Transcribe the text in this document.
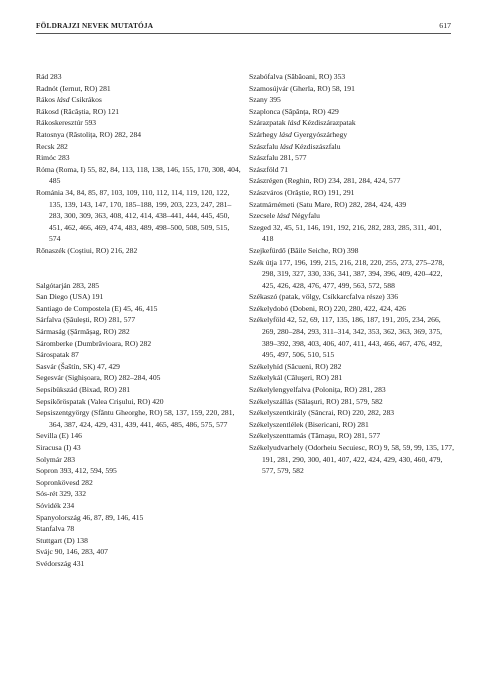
FÖLDRAJZI NEVEK MUTATÓJA	617
Rád 283
Radnót (Iernut, RO) 281
Rákos lásd Csikrákos
Rákosd (Răcăștia, RO) 121
Rákoskeresztúr 593
Ratosnya (Răstolița, RO) 282, 284
Recsk 282
Rimóc 283
Róma (Roma, I) 55, 82, 84, 113, 118, 138, 146, 155, 170, 308, 404, 485
Románia 34, 84, 85, 87, 103, 109, 110, 112, 114, 119, 120, 122, 135, 139, 143, 147, 170, 185–188, 199, 203, 223, 247, 281–283, 300, 309, 363, 408, 412, 414, 438–441, 444, 445, 450, 451, 462, 466, 469, 474, 483, 489, 498–500, 508, 509, 515, 574
Rőnaszék (Coștiui, RO) 216, 282
Salgótarján 283, 285
San Diego (USA) 191
Santiago de Compostela (E) 45, 46, 415
Sárfalva (Șăulești, RO) 281, 577
Sármaság (Șărmășag, RO) 282
Sáromberke (Dumbrăvioara, RO) 282
Sárospatak 87
Sasvár (Šaštín, SK) 47, 429
Segesvár (Sighișoara, RO) 282–284, 405
Sepsibükszád (Bixad, RO) 281
Sepsikőröspatak (Valea Crișului, RO) 420
Sepsiszentgyörgy (Sfântu Gheorghe, RO) 58, 137, 159, 220, 281, 364, 387, 424, 429, 431, 439, 441, 465, 485, 486, 575, 577
Sevilla (E) 146
Siracusa (I) 43
Solymár 283
Sopron 393, 412, 594, 595
Sopronkövesd 282
Sós-rét 329, 332
Sóvidék 234
Spanyolország 46, 87, 89, 146, 415
Stanfalva 78
Stuttgart (D) 138
Svájc 90, 146, 283, 407
Svédország 431
Szabófalva (Săbăoani, RO) 353
Szamosújvár (Gherla, RO) 58, 191
Szany 395
Szaplonca (Săpânța, RO) 429
Szárazpatak lásd Kézdiszárazpatak
Szárhegy lásd Gyergyószárhegy
Szászfalu lásd Kézdiszászfalu
Szászfalu 281, 577
Szászföld 71
Szászrégen (Reghin, RO) 234, 281, 284, 424, 577
Szászváros (Orăștie, RO) 191, 291
Szatmárnémeti (Satu Mare, RO) 282, 284, 424, 439
Szecsele lásd Négyfalu
Szeged 32, 45, 51, 146, 191, 192, 216, 282, 283, 285, 311, 401, 418
Szejkefürdő (Băile Seiche, RO) 398
Szék útja 177, 196, 199, 215, 216, 218, 220, 255, 273, 275–278, 298, 319, 327, 330, 336, 341, 387, 394, 396, 409, 420–422, 425, 426, 428, 476, 477, 499, 563, 572, 588
Székaszó (patak, völgy, Csíkkarcfalva része) 336
Székelydobó (Dobeni, RO) 220, 280, 422, 424, 426
Székelyföld 42, 52, 69, 117, 135, 186, 187, 191, 205, 234, 266, 269, 280–284, 293, 311–314, 342, 353, 362, 363, 369, 375, 389–392, 398, 403, 406, 407, 411, 443, 466, 467, 476, 492, 495, 497, 506, 510, 515
Székelyhíd (Săcueni, RO) 282
Székelykál (Căluşeri, RO) 281
Székelylengyelfalva (Polonița, RO) 281, 283
Székelyszállás (Sălașuri, RO) 281, 579, 582
Székelyszentkirály (Sâncrai, RO) 220, 282, 283
Székelyszentlélek (Bisericani, RO) 281
Székelyszenttamás (Tămașu, RO) 281, 577
Székelyudvarhely (Odorheiu Secuiesc, RO) 9, 58, 59, 99, 135, 177, 191, 281, 290, 300, 401, 407, 422, 424, 429, 430, 460, 479, 577, 579, 582
